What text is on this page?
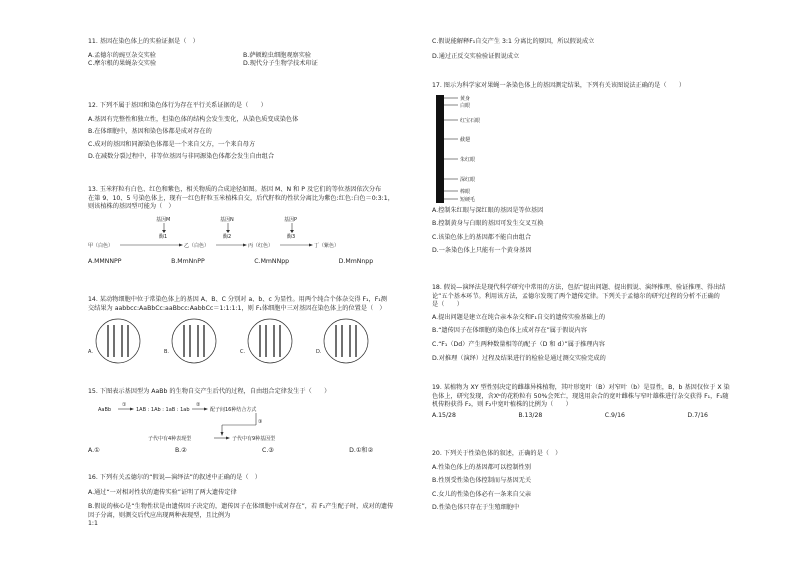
11. 基因在染色体上的实验证据是（　）
A.孟德尔的豌豆杂交实验	B.萨顿蝗虫细胞观察实验
C.摩尔根的果蝇杂交实验	D.现代分子生物学技术印证
12. 下列不属于基因和染色体行为存在平行关系证据的是（　　）
A.基因有完整性和独立性，但染色体的结构会发生变化，从染色质变成染色体
B.在体细胞中，基因和染色体都是成对存在的
C.成对的基因和同源染色体都是一个来自父方，一个来自母方
D.在减数分裂过程中，非等位基因与非同源染色体都会发生自由组合
13. 玉米籽粒有白色、红色和紫色，相关物质的合成途径如图。基因 M、N 和 P 及它们的等位基因依次分布
在第 9、10、5 号染色体上，现有一红色籽粒玉米植株自交，后代籽粒的性状分离比为紫色:红色:白色＝0:3:1，
则该植株的基因型可能为（　）
基因M	基因N	基因P
酶1	酶2	酶3
甲（白色）	乙（白色）	丙（红色）	丁（紫色）
A.MMNNPP	B.MmNnPP	C.MmNNpp	D.MmNnpp
14. 某动物细胞中位于常染色体上的基因 A、B、C 分别对 a、b、c 为显性。用两个纯合个体杂交得 F₁，F₁测
交结果为 aabbcc:AaBbCc:aaBbcc:AabbCc＝1:1:1:1，则 F₁体细胞中三对基因在染色体上的位置是（　）
A.	B.	C.	D.
15. 下图表示基因型为 AaBb 的生物自交产生后代的过程，自由组合定律发生于（　　）
AaBb
①
1AB : 1Ab : 1aB : 1ab
②
配子间16种结合方式
③
子代中有4种表现型	子代中有9种基因型
A.①	B.②	C.③	D.①和②
16. 下列有关孟德尔的“假说—演绎法”的叙述中正确的是（　）
A.通过“一对相对性状的遗传实验”证明了两大遗传定律
B.假说的核心是“生物性状是由遗传因子决定的，遗传因子在体细胞中成对存在”，若 F₁产生配子时，成对的遗传因子分离，则测交后代应出现两种表现型，且比例为
1:1
C.假说能解释F₁自交产生 3:1 分离比的原因，所以假说成立
D.通过正反交实验验证假说成立
17. 图示为科学家对果蝇一条染色体上的基因测定结果，下列有关该图说法正确的是（　　）
黄身
白眼
红宝石眼
截翅
朱红眼
深红眼
棒眼
短硬毛
A.控制朱红眼与深红眼的基因是等位基因
B.控制黄身与白眼的基因可发生交叉互换
C.该染色体上的基因都不能自由组合
D.一条染色体上只能有一个黄身基因
18. 假说—演绎法是现代科学研究中常用的方法，包括“提出问题、提出假说、演绎推理、验证推理、得出结
论”五个基本环节。利用该方法，孟德尔发现了两个遗传定律。下列关于孟德尔的研究过程的分析不正确的
是（　　）
A.提出问题是建立在纯合亲本杂交和F₁自交的遗传实验基础上的
B.“遗传因子在体细胞的染色体上成对存在”属于假说内容
C.“F₁（Dd）产生两种数量相等的配子（D 和 d）”属于推理内容
D.对推理（演绎）过程及结果进行的检验是通过测交实验完成的
19. 某植物为 XY 型性别决定的雌雄异株植物，其叶形宽叶（B）对窄叶（b）是显性，B，b 基因仅位于 X 染
色体上，研究发现，含Xᵇ的花粉粒有 50%会死亡，现选用杂合的宽叶雌株与窄叶雄株进行杂交获得 F₁，F₁随
机传粉获得 F₂，则 F₂中宽叶植株的比例为（　　）
A.15/28	B.13/28	C.9/16	D.7/16
20. 下列关于性染色体的叙述，正确的是（　）
A.性染色体上的基因都可以控制性别
B.性别受性染色体控制而与基因无关
C.女儿的性染色体必有一条来自父亲
D.性染色体只存在于生殖细胞中
